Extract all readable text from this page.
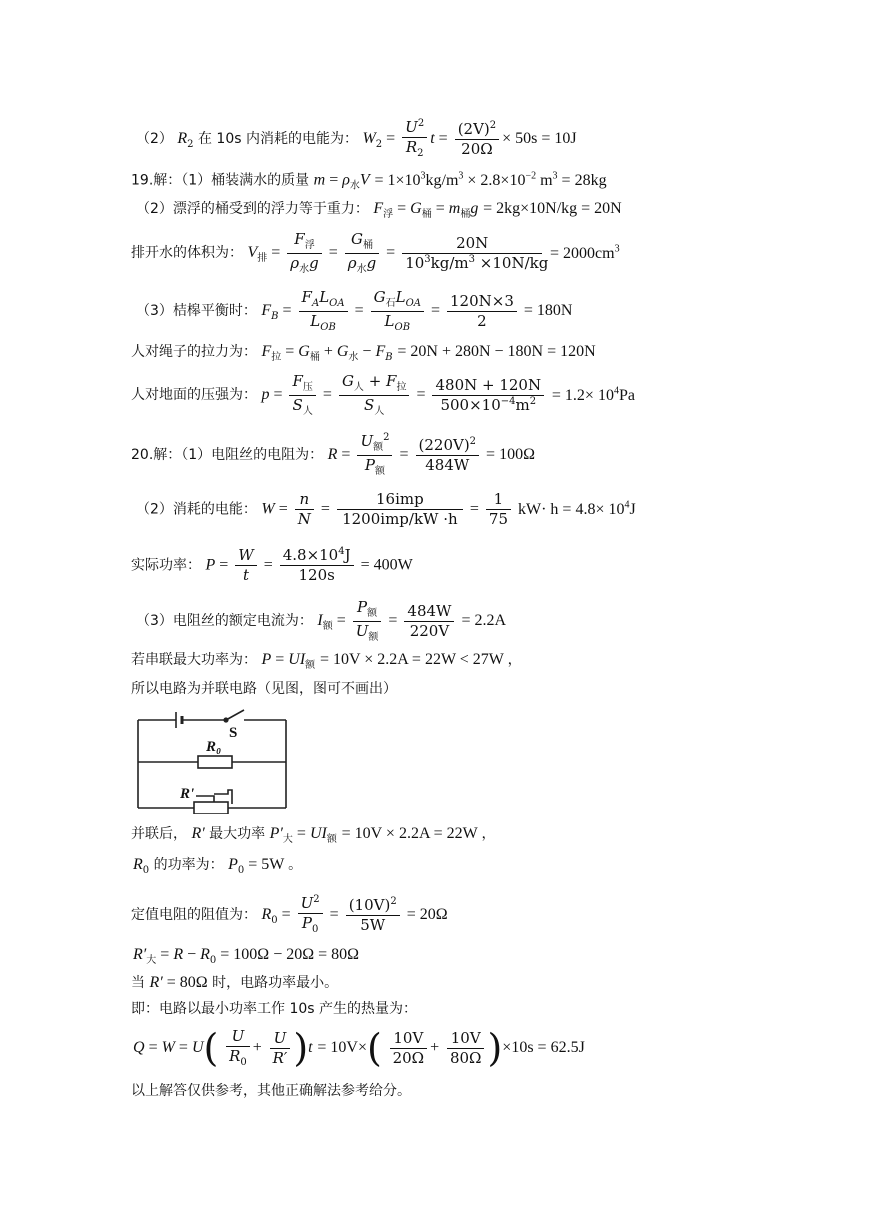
（2） $R_2$ 在 10s 内消耗的电能为： $W_2 = \frac{U^2}{R_2}$ $t = \frac{(2V)^2}{20\Omega} \times 50s = 10J$
19.解：（1）桶装满水的质量 $m = \rho_水V = 1\times 10^3kg/m^3 \times 2.8\times 10^{-2}$ $m^3 = 28kg$
（2）漂浮的桶受到的浮力等于重力： $F_浮 = G_桶 = m_桶g = 2kg\times 10N/kg = 20N$
排开水的体积为： $V_排 = \frac{F_浮}{\rho_水g} = \frac{G_桶}{\rho_水g} = \frac{20N}{10^3kg/m^3 \times 10N/kg} = 2000cm^3$
（3）桔槔平衡时： $F_B = \frac{F_AL_{OA}}{L_{OB}} = \frac{G_石L_{OA}}{L_{OB}} = \frac{120N\times 3}{2} = 180N$
人对绳子的拉力为： $F_拉 = G_桶 + G_水 - F_B = 20N + 280N - 180N = 120N$
人对地面的压强为： $p = \frac{F_压}{S_人} = \frac{G_人 + F_拉}{S_人} = \frac{480N + 120N}{500\times 10^{-4}m^2} = 1.2\times 10^4Pa$
20.解：（1）电阻丝的电阻为： $R = \frac{U_额^2}{P_额} = \frac{(220V)^2}{484W} = 100\Omega$
（2）消耗的电能： $W = \frac{n}{N} = \frac{\text{16imp}}{\text{1200imp/kW ·h}} = \frac{1}{75} kW\cdot h = 4.8\times 10^4J$
实际功率： $P = \frac{W}{t} = \frac{4.8\times 10^4J}{120s} = 400W$
（3）电阻丝的额定电流为： $I_额 = \frac{P_额}{U_额} = \frac{484W}{220V} = 2.2A$
若串联最大功率为： $P = UI_额 = 10V \times 2.2A = 22W < 27W$ ，
所以电路为并联电路（见图，图可不画出）
S
R₀
R'
并联后， R′ 最大功率 $P'_大 = UI_额 = 10V \times 2.2A = 22W$ ，
$R_0$ 的功率为： $P_0 = 5W$ 。
定值电阻的阻值为： $R_0 = \frac{U^2}{P_0} = \frac{(10V)^2}{5W} = 20\Omega$
$R'_大 = R - R_0 = 100\Omega - 20\Omega = 80\Omega$
当 R′ = 80Ω 时，电路功率最小。
即：电路以最小功率工作 10s 产生的热量为：
$Q = W = U( \frac{U}{R_0} + \frac{U}{R'} )t = 10V\times( \frac{10V}{20\Omega} + \frac{10V}{80\Omega} )\times 10s = 62.5J$
以上解答仅供参考，其他正确解法参考给分。
